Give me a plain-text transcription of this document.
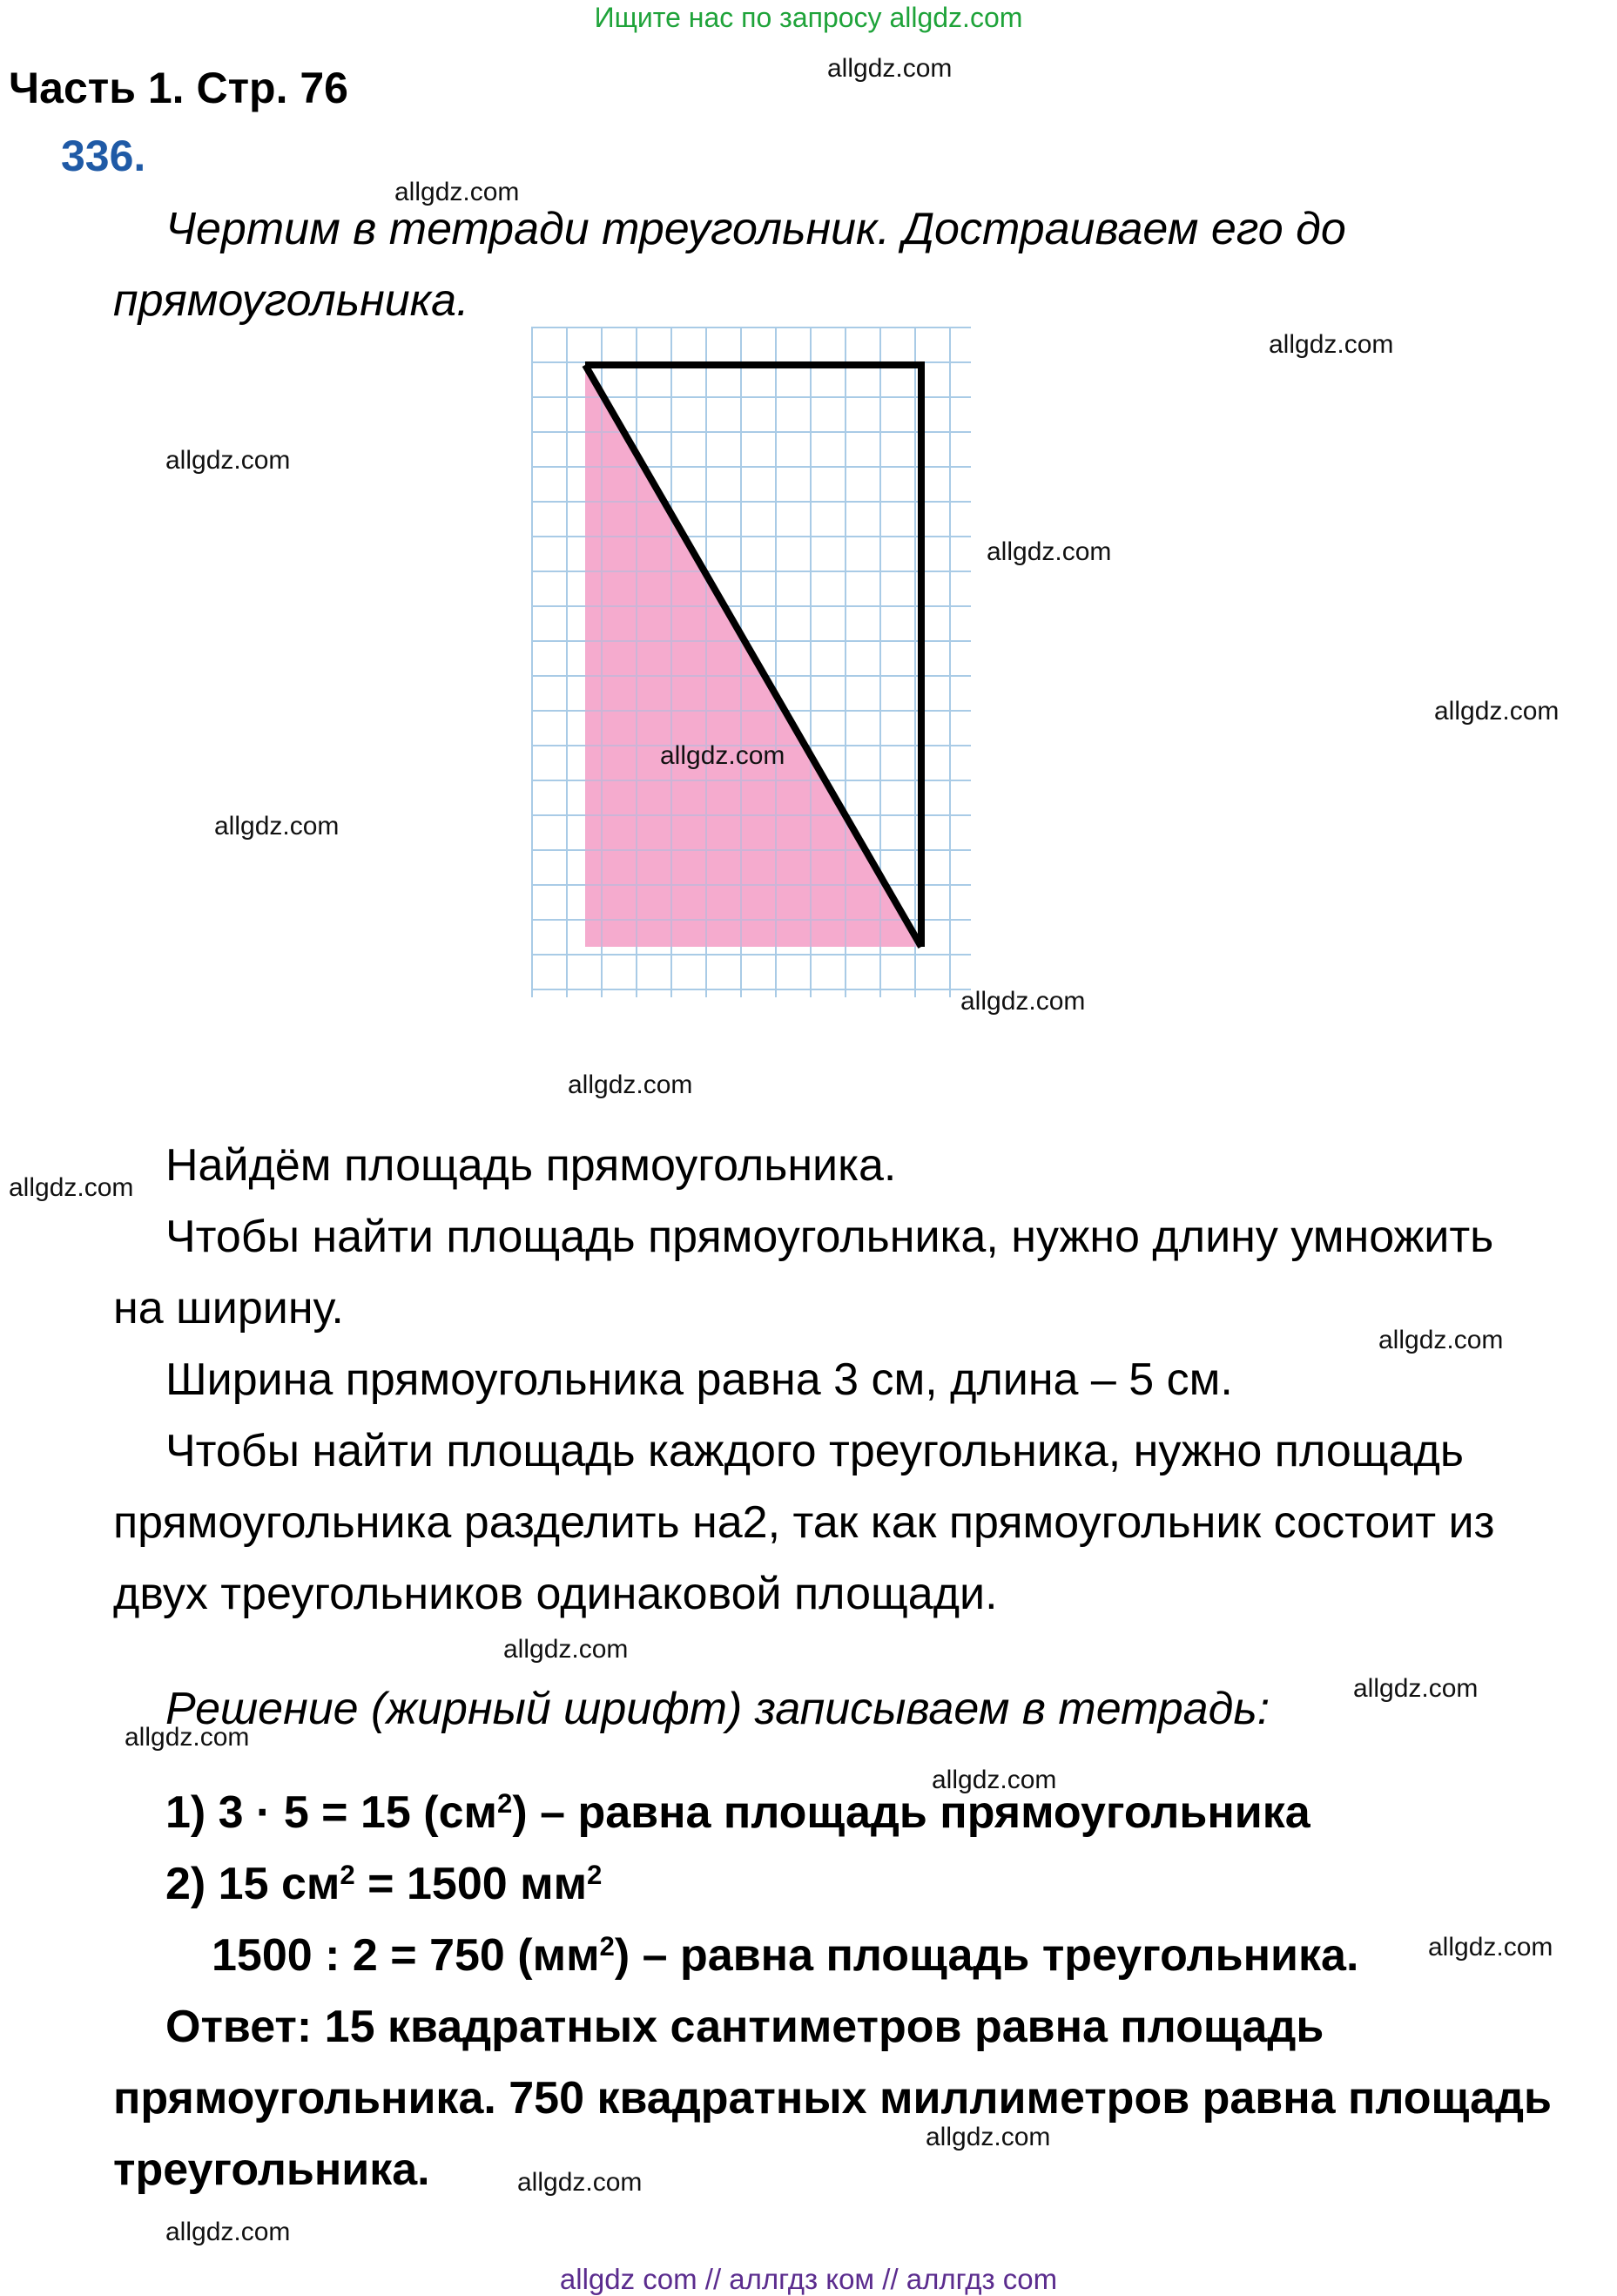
Ищите нас по запросу allgdz.com
Часть 1. Стр. 76
336.
Чертим в тетради треугольник. Достраиваем его до
прямоугольника.
Найдём площадь прямоугольника.
Чтобы найти площадь прямоугольника, нужно длину умножить
на ширину.
Ширина прямоугольника равна 3 см, длина – 5 см.
Чтобы найти площадь каждого треугольника, нужно площадь
прямоугольника разделить на2, так как прямоугольник состоит из
двух треугольников одинаковой площади.
Решение (жирный шрифт) записываем в тетрадь:
1) 3 · 5 = 15 $(см^2)$ – равна площадь прямоугольника
2) 15 $см^2 = 1500$ $мм^2$
1500 : 2 = 750 $(мм^2)$ – равна площадь треугольника.
Ответ: 15 квадратных сантиметров равна площадь
прямоугольника. 750 квадратных миллиметров равна площадь
треугольника.
allgdz.com
allgdz.com
allgdz.com
allgdz.com
allgdz.com
allgdz.com
allgdz.com
allgdz.com
allgdz.com
allgdz.com
allgdz.com
allgdz.com
allgdz.com
allgdz.com
allgdz.com
allgdz.com
allgdz.com
allgdz.com
allgdz.com
allgdz.com
allgdz com // аллгдз ком // аллгдз com
